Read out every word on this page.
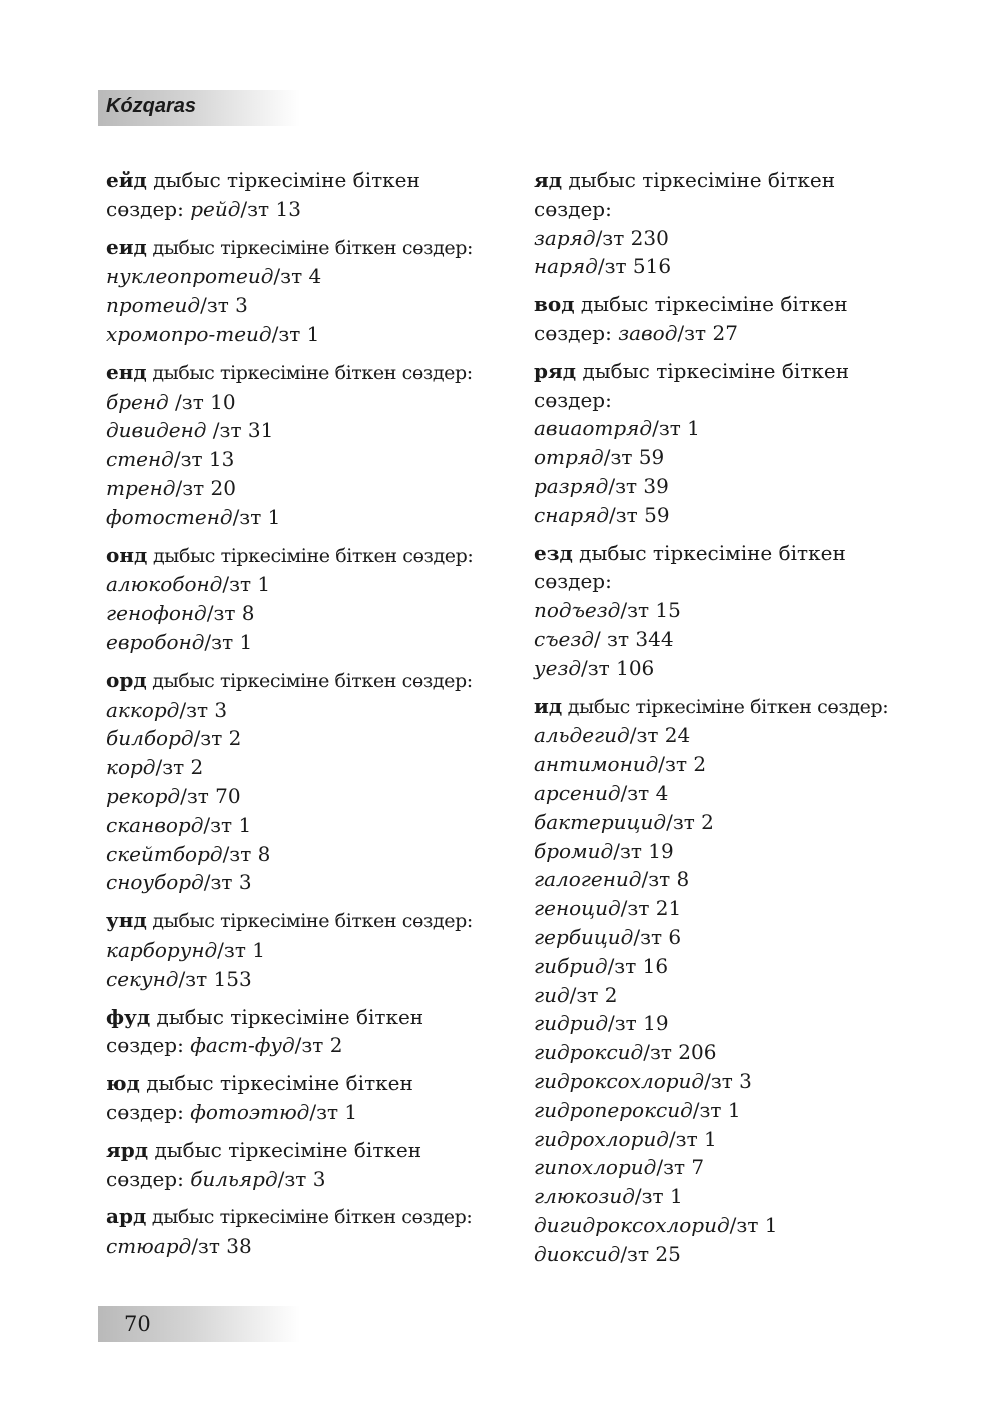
Kózqaras
ейд дыбыс тіркесіміне біткен
сөздер: рейд/зт 13
еид дыбыс тіркесіміне біткен сөздер:
нуклеопротеид/зт 4
протеид/зт 3
хромопро-теид/зт 1
енд дыбыс тіркесіміне біткен сөздер:
бренд /зт 10
дивиденд /зт 31
стенд/зт 13
тренд/зт 20
фотостенд/зт 1
онд дыбыс тіркесіміне біткен сөздер:
алюкобонд/зт 1
генофонд/зт 8
евробонд/зт 1
орд дыбыс тіркесіміне біткен сөздер:
аккорд/зт 3
билборд/зт 2
корд/зт 2
рекорд/зт 70
сканворд/зт 1
скейтборд/зт 8
сноуборд/зт 3
унд дыбыс тіркесіміне біткен сөздер:
карборунд/зт 1
секунд/зт 153
фуд дыбыс тіркесіміне біткен
сөздер: фаст-фуд/зт 2
юд дыбыс тіркесіміне біткен
сөздер: фотоэтюд/зт 1
ярд дыбыс тіркесіміне біткен
сөздер: бильярд/зт 3
ард дыбыс тіркесіміне біткен сөздер:
стюард/зт 38
яд дыбыс тіркесіміне біткен
сөздер:
заряд/зт 230
наряд/зт 516
вод дыбыс тіркесіміне біткен
сөздер: завод/зт 27
ряд дыбыс тіркесіміне біткен
сөздер:
авиаотряд/зт 1
отряд/зт 59
разряд/зт 39
снаряд/зт 59
езд дыбыс тіркесіміне біткен
сөздер:
подъезд/зт 15
съезд/ зт 344
уезд/зт 106
ид дыбыс тіркесіміне біткен сөздер:
альдегид/зт 24
антимонид/зт 2
арсенид/зт 4
бактерицид/зт 2
бромид/зт 19
галогенид/зт 8
геноцид/зт 21
гербицид/зт 6
гибрид/зт 16
гид/зт 2
гидрид/зт 19
гидроксид/зт 206
гидроксохлорид/зт 3
гидропероксид/зт 1
гидрохлорид/зт 1
гипохлорид/зт 7
глюкозид/зт 1
дигидроксохлорид/зт 1
диоксид/зт 25
70
